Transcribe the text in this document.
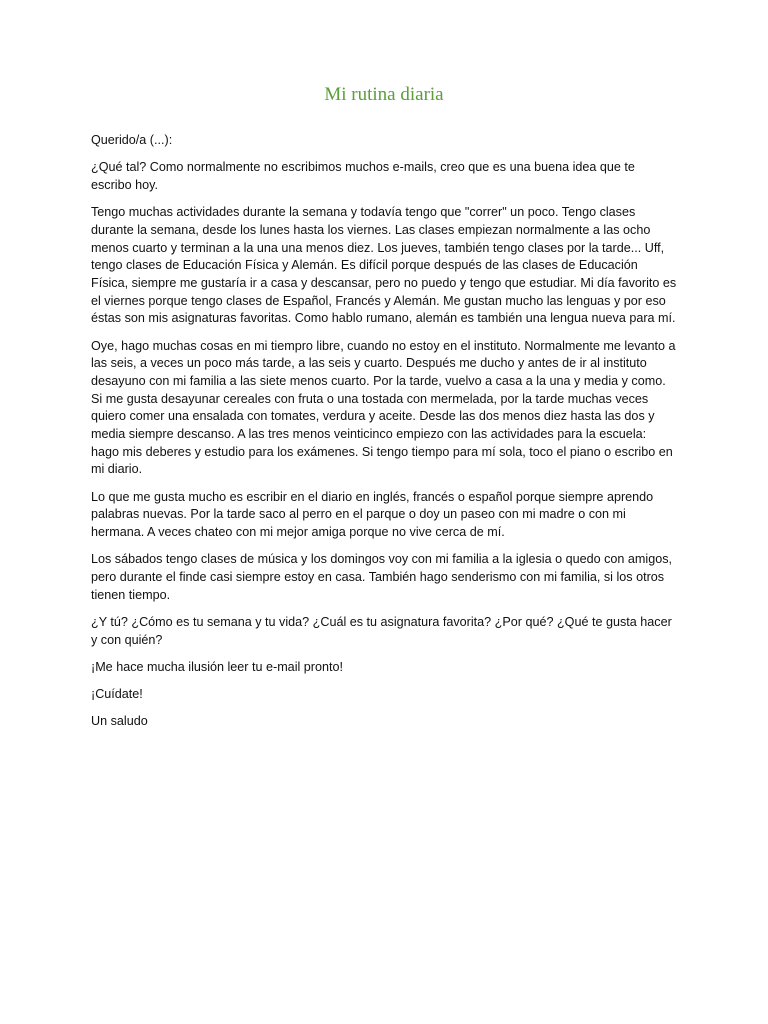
Mi rutina diaria

Querido/a (...):

¿Qué tal? Como normalmente no escribimos muchos e-mails, creo que es una buena idea que te escribo hoy.

Tengo muchas actividades durante la semana y todavía tengo que "correr" un poco. Tengo clases durante la semana, desde los lunes hasta los viernes. Las clases empiezan normalmente a las ocho menos cuarto y terminan a la una una menos diez. Los jueves, también tengo clases por la tarde... Uff, tengo clases de Educación Física y Alemán. Es difícil porque después de las clases de Educación Física, siempre me gustaría ir a casa y descansar, pero no puedo y tengo que estudiar. Mi día favorito es el viernes porque tengo clases de Español, Francés y Alemán. Me gustan mucho las lenguas y por eso éstas son mis asignaturas favoritas. Como hablo rumano, alemán es también una lengua nueva para mí.

Oye, hago muchas cosas en mi tiemprо libre, cuando no estoy en el instituto. Normalmente me levanto a las seis, a veces un poco más tarde, a las seis y cuarto. Después me ducho y antes de ir al instituto desayuno con mi familia a las siete menos cuarto. Por la tarde, vuelvo a casa a la una y media y como. Si me gusta desayunar cereales con fruta o una tostada con mermelada, por la tarde muchas veces quiero comer una ensalada con tomates, verdura y aceite. Desde las dos menos diez hasta las dos y media siempre descanso. A las tres menos veinticinco empiezo con las actividades para la escuela: hago mis deberes y estudio para los exámenes. Si tengo tiempo para mí sola, toco el piano o escribo en mi diario.

Lo que me gusta mucho es escribir en el diario en inglés, francés o español porque siempre aprendo palabras nuevas. Por la tarde saco al perro en el parque o doy un paseo con mi madre o con mi hermana. A veces chateo con mi mejor amiga porque no vive cerca de mí.

Los sábados tengo clases de música y los domingos voy con mi familia a la iglesia o quedo con amigos, pero durante el finde casi siempre estoy en casa. También hago senderismo con mi familia, si los otros tienen tiempo.

¿Y tú? ¿Cómo es tu semana y tu vida? ¿Cuál es tu asignatura favorita? ¿Por qué? ¿Qué te gusta hacer y con quién?

¡Me hace mucha ilusión leer tu e-mail pronto!

¡Cuídate!

Un saludo
